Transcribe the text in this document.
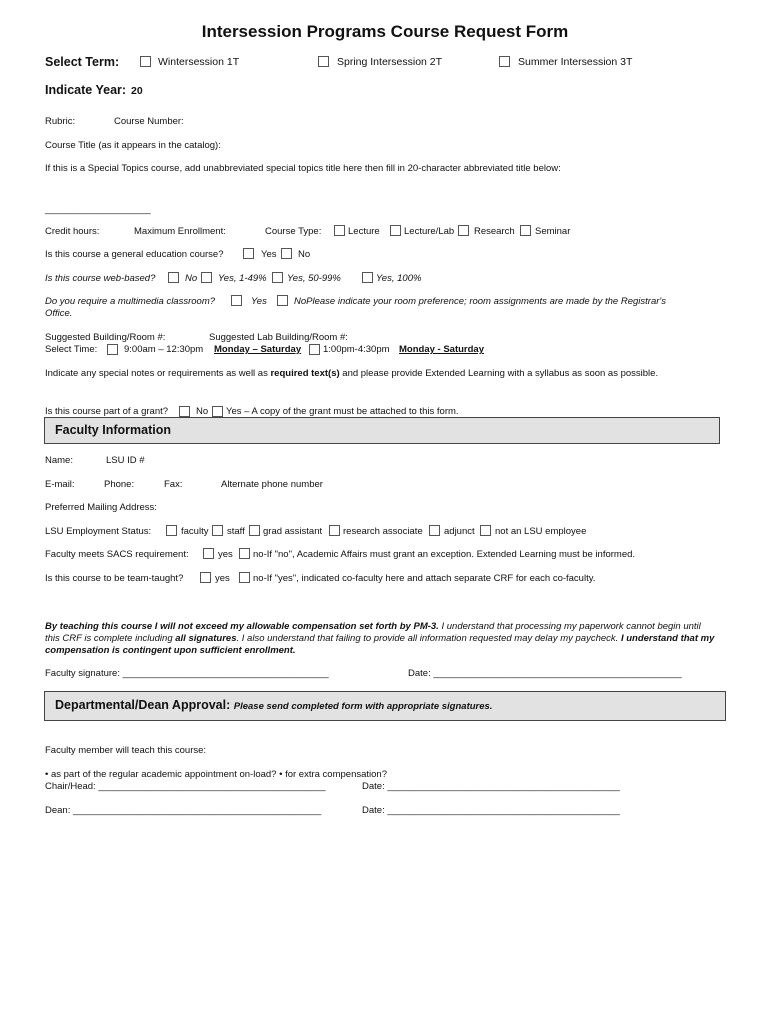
Intersession Programs Course Request Form
Select Term:	Wintersession 1T	Spring Intersession 2T	Summer Intersession 3T
Indicate Year: 20
Rubric:	Course Number:
Course Title (as it appears in the catalog):
If this is a Special Topics course, add unabbreviated special topics title here then fill in 20-character abbreviated title below:
____________________
Credit hours:	Maximum Enrollment:	Course Type:	Lecture	Lecture/Lab Research Seminar
Is this course a general education course?	Yes No
Is this course web-based?	No Yes, 1-49% Yes, 50-99%	Yes, 100%
Do you require a multimedia classroom?	Yes	NoPlease indicate your room preference; room assignments are made by the Registrar's
Office.
Suggested Building/Room #:	Suggested Lab Building/Room #:
Select Time:	9:00am – 12:30pm Monday – Saturday 1:00pm-4:30pm Monday - Saturday
Indicate any special notes or requirements as well as required text(s) and please provide Extended Learning with a syllabus as soon as possible.
Is this course part of a grant?	No Yes – A copy of the grant must be attached to this form.
Faculty Information
Name:	LSU ID #
E-mail:	Phone:	Fax:	Alternate phone number
Preferred Mailing Address:
LSU Employment Status:	faculty staff grad assistant research associate adjunct not an LSU employee
Faculty meets SACS requirement:	yes no-If "no", Academic Affairs must grant an exception. Extended Learning must be informed.
Is this course to be team-taught?	yes no-If "yes", indicated co-faculty here and attach separate CRF for each co-faculty.
By teaching this course I will not exceed my allowable compensation set forth by PM-3. I understand that processing my paperwork cannot begin until this CRF is complete including all signatures. I also understand that failing to provide all information requested may delay my paycheck. I understand that my compensation is contingent upon sufficient enrollment.
Faculty signature: _______________________________________	Date: _______________________________________________
Departmental/Dean Approval: Please send completed form with appropriate signatures.
Faculty member will teach this course:
• as part of the regular academic appointment on-load? • for extra compensation?
Chair/Head: ___________________________________________	Date: ____________________________________________
Dean: _______________________________________________	Date: ____________________________________________
